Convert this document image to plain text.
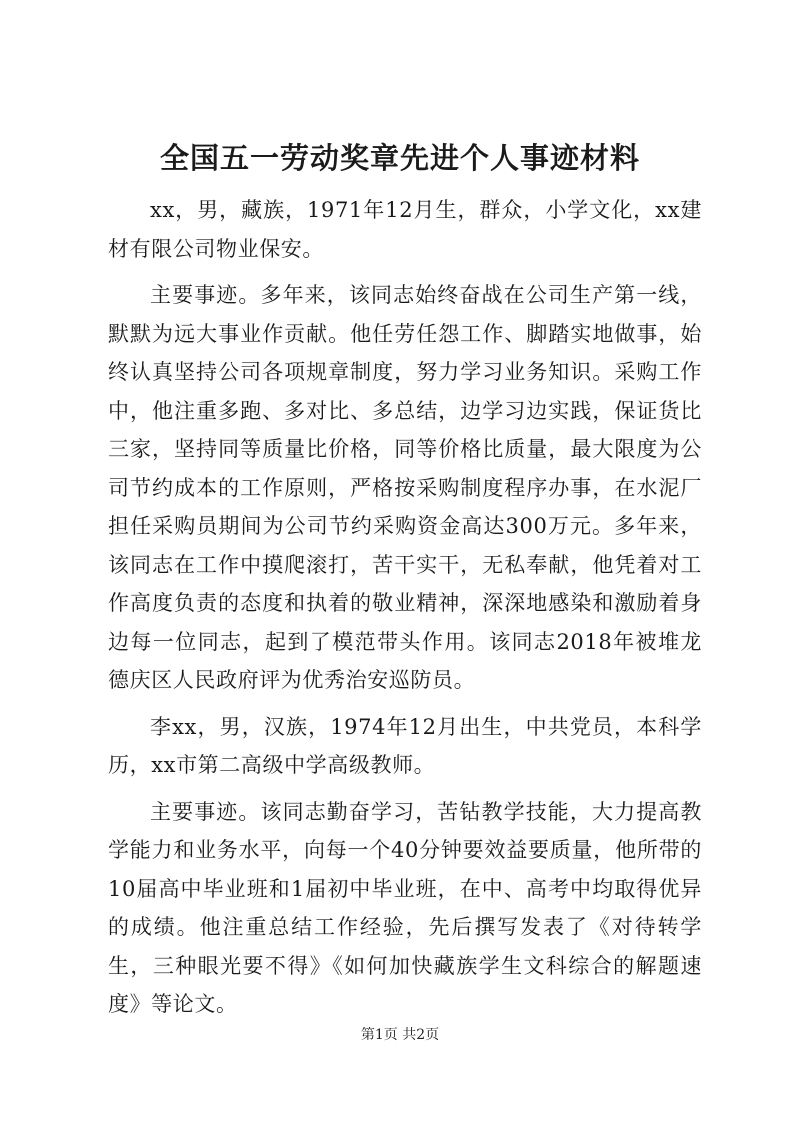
全国五一劳动奖章先进个人事迹材料

xx，男，藏族，1971年12月生，群众，小学文化，xx建材有限公司物业保安。

主要事迹。多年来，该同志始终奋战在公司生产第一线，默默为远大事业作贡献。他任劳任怨工作、脚踏实地做事，始终认真坚持公司各项规章制度，努力学习业务知识。采购工作中，他注重多跑、多对比、多总结，边学习边实践，保证货比三家，坚持同等质量比价格，同等价格比质量，最大限度为公司节约成本的工作原则，严格按采购制度程序办事，在水泥厂担任采购员期间为公司节约采购资金高达300万元。多年来，该同志在工作中摸爬滚打，苦干实干，无私奉献，他凭着对工作高度负责的态度和执着的敬业精神，深深地感染和激励着身边每一位同志，起到了模范带头作用。该同志2018年被堆龙德庆区人民政府评为优秀治安巡防员。

李xx，男，汉族，1974年12月出生，中共党员，本科学历，xx市第二高级中学高级教师。

主要事迹。该同志勤奋学习，苦钻教学技能，大力提高教学能力和业务水平，向每一个40分钟要效益要质量，他所带的10届高中毕业班和1届初中毕业班，在中、高考中均取得优异的成绩。他注重总结工作经验，先后撰写发表了《对待转学生，三种眼光要不得》《如何加快藏族学生文科综合的解题速度》等论文。

第1页 共2页
